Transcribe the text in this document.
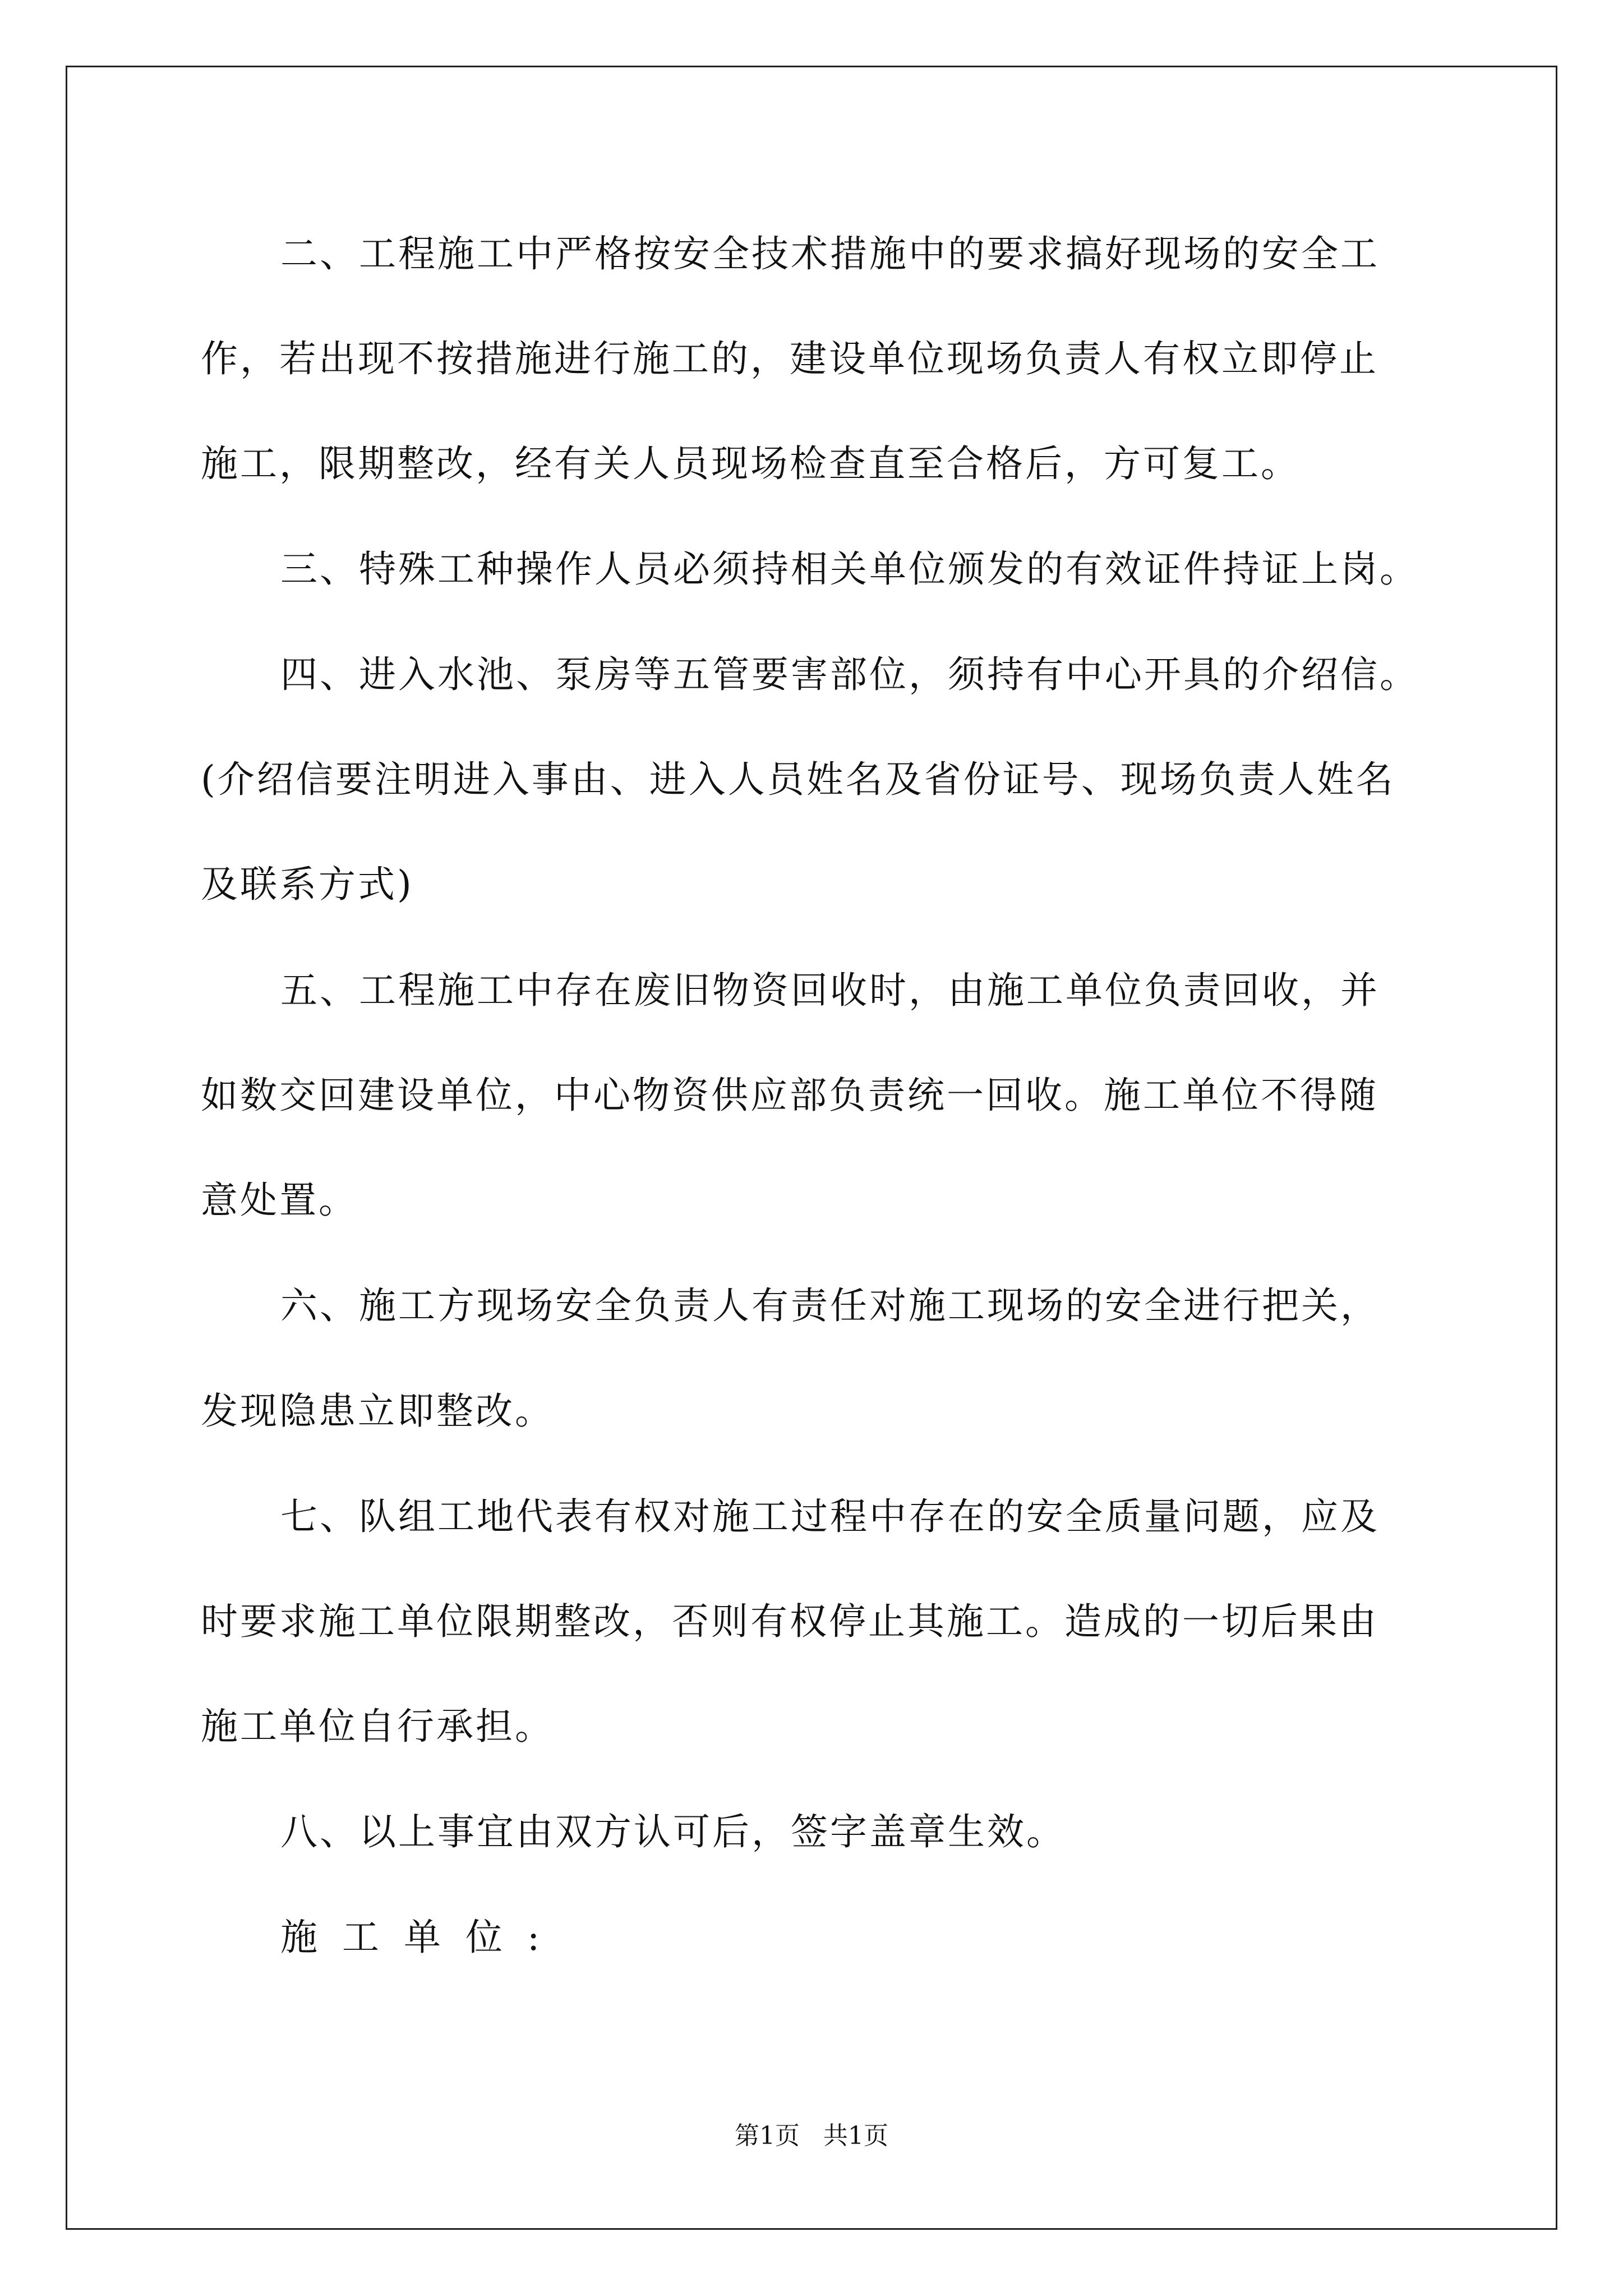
二、工程施工中严格按安全技术措施中的要求搞好现场的安全工
作，若出现不按措施进行施工的，建设单位现场负责人有权立即停止
施工，限期整改，经有关人员现场检查直至合格后，方可复工。
三、特殊工种操作人员必须持相关单位颁发的有效证件持证上岗。
四、进入水池、泵房等五管要害部位，须持有中心开具的介绍信。
(介绍信要注明进入事由、进入人员姓名及省份证号、现场负责人姓名
及联系方式)
五、工程施工中存在废旧物资回收时，由施工单位负责回收，并
如数交回建设单位，中心物资供应部负责统一回收。施工单位不得随
意处置。
六、施工方现场安全负责人有责任对施工现场的安全进行把关，
发现隐患立即整改。
七、队组工地代表有权对施工过程中存在的安全质量问题，应及
时要求施工单位限期整改，否则有权停止其施工。造成的一切后果由
施工单位自行承担。
八、以上事宜由双方认可后，签字盖章生效。
施工单位:
第1页   共1页
